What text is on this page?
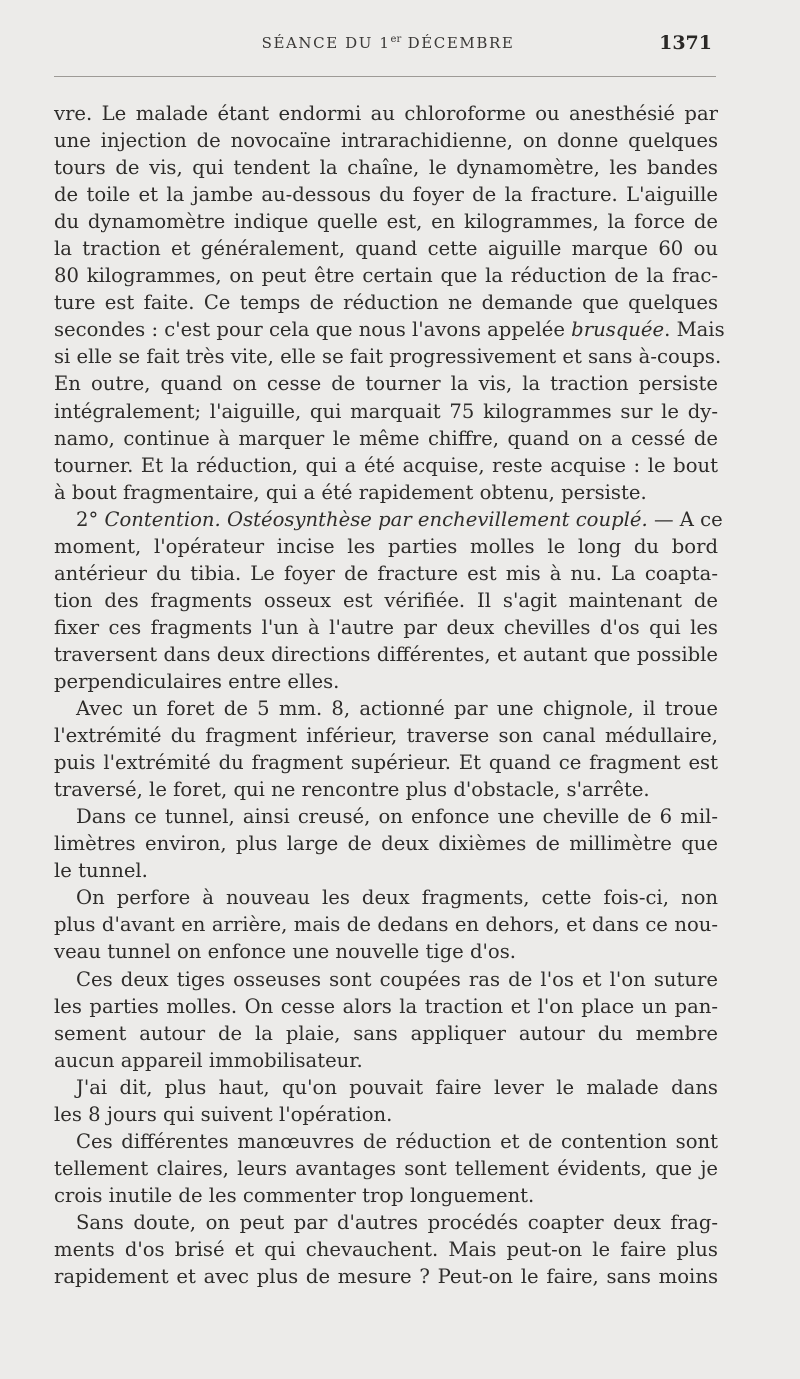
SÉANCE DU 1er DÉCEMBRE	1371
vre. Le malade étant endormi au chloroforme ou anesthésié par
une injection de novocaïne intrarachidienne, on donne quelques
tours de vis, qui tendent la chaîne, le dynamomètre, les bandes
de toile et la jambe au-dessous du foyer de la fracture. L'aiguille
du dynamomètre indique quelle est, en kilogrammes, la force de
la traction et généralement, quand cette aiguille marque 60 ou
80 kilogrammes, on peut être certain que la réduction de la frac-
ture est faite. Ce temps de réduction ne demande que quelques
secondes : c'est pour cela que nous l'avons appelée brusquée. Mais
si elle se fait très vite, elle se fait progressivement et sans à-coups.
En outre, quand on cesse de tourner la vis, la traction persiste
intégralement; l'aiguille, qui marquait 75 kilogrammes sur le dy-
namo, continue à marquer le même chiffre, quand on a cessé de
tourner. Et la réduction, qui a été acquise, reste acquise : le bout
à bout fragmentaire, qui a été rapidement obtenu, persiste.
2° Contention. Ostéosynthèse par enchevillement couplé. — A ce
moment, l'opérateur incise les parties molles le long du bord
antérieur du tibia. Le foyer de fracture est mis à nu. La coapta-
tion des fragments osseux est vérifiée. Il s'agit maintenant de
fixer ces fragments l'un à l'autre par deux chevilles d'os qui les
traversent dans deux directions différentes, et autant que possible
perpendiculaires entre elles.
Avec un foret de 5 mm. 8, actionné par une chignole, il troue
l'extrémité du fragment inférieur, traverse son canal médullaire,
puis l'extrémité du fragment supérieur. Et quand ce fragment est
traversé, le foret, qui ne rencontre plus d'obstacle, s'arrête.
Dans ce tunnel, ainsi creusé, on enfonce une cheville de 6 mil-
limètres environ, plus large de deux dixièmes de millimètre que
le tunnel.
On perfore à nouveau les deux fragments, cette fois-ci, non
plus d'avant en arrière, mais de dedans en dehors, et dans ce nou-
veau tunnel on enfonce une nouvelle tige d'os.
Ces deux tiges osseuses sont coupées ras de l'os et l'on suture
les parties molles. On cesse alors la traction et l'on place un pan-
sement autour de la plaie, sans appliquer autour du membre
aucun appareil immobilisateur.
J'ai dit, plus haut, qu'on pouvait faire lever le malade dans
les 8 jours qui suivent l'opération.
Ces différentes manœuvres de réduction et de contention sont
tellement claires, leurs avantages sont tellement évidents, que je
crois inutile de les commenter trop longuement.
Sans doute, on peut par d'autres procédés coapter deux frag-
ments d'os brisé et qui chevauchent. Mais peut-on le faire plus
rapidement et avec plus de mesure ? Peut-on le faire, sans moins
